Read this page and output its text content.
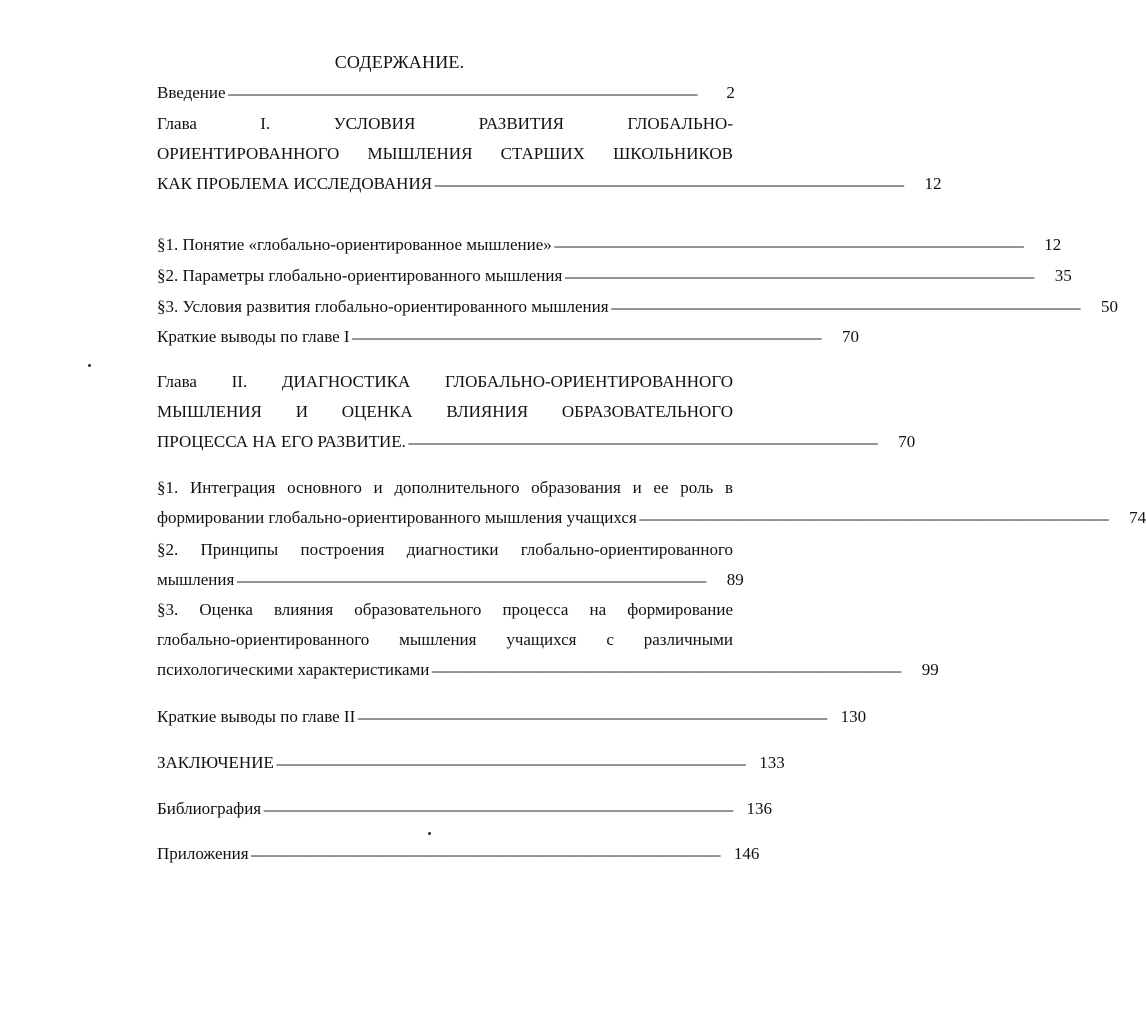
СОДЕРЖАНИЕ.
Введение ------------------------------------------------------------------------------------------------------------------------------------------------------	2
Глава I. УСЛОВИЯ РАЗВИТИЯ ГЛОБАЛЬНО-
ОРИЕНТИРОВАННОГО МЫШЛЕНИЯ СТАРШИХ ШКОЛЬНИКОВ
КАК ПРОБЛЕМА ИССЛЕДОВАНИЯ ------------------------------------------------------------------------------------------------------------------------------------------------------	12
§1. Понятие «глобально-ориентированное мышление» ------------------------------------------------------------------------------------------------------------------------------------------------------	12
§2. Параметры глобально-ориентированного мышления ------------------------------------------------------------------------------------------------------------------------------------------------------	35
§3. Условия развития глобально-ориентированного мышления ------------------------------------------------------------------------------------------------------------------------------------------------------	50
Краткие выводы по главе I ------------------------------------------------------------------------------------------------------------------------------------------------------	70
Глава II. ДИАГНОСТИКА ГЛОБАЛЬНО-ОРИЕНТИРОВАННОГО
МЫШЛЕНИЯ И ОЦЕНКА ВЛИЯНИЯ ОБРАЗОВАТЕЛЬНОГО
ПРОЦЕССА НА ЕГО РАЗВИТИЕ. ------------------------------------------------------------------------------------------------------------------------------------------------------	70
§1. Интеграция основного и дополнительного образования и ее роль в
формировании глобально-ориентированного мышления учащихся ------------------------------------------------------------------------------------------------------------------------------------------------------	74
§2. Принципы построения диагностики глобально-ориентированного
мышления ------------------------------------------------------------------------------------------------------------------------------------------------------	89
§3. Оценка влияния образовательного процесса на формирование
глобально-ориентированного мышления учащихся с различными
психологическими характеристиками ------------------------------------------------------------------------------------------------------------------------------------------------------	99
Краткие выводы по главе II ------------------------------------------------------------------------------------------------------------------------------------------------------ 130
ЗАКЛЮЧЕНИЕ ------------------------------------------------------------------------------------------------------------------------------------------------------ 133
Библиография ------------------------------------------------------------------------------------------------------------------------------------------------------ 136
Приложения ------------------------------------------------------------------------------------------------------------------------------------------------------ 146
